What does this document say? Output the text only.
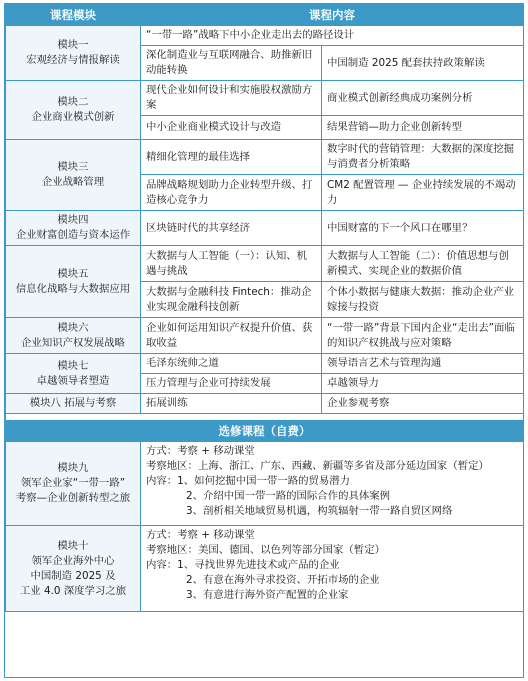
课程模块	课程内容	

模块一
宏观经济与情报解读	“一带一路”战略下中小企业走出去的路径设计	
	深化制造业与互联网融合、助推新旧动能转换	中国制造 2025 配套扶持政策解读

模块二
企业商业模式创新	现代企业如何设计和实施股权激励方案	商业模式创新经典成功案例分析
	中小企业商业模式设计与改造	结果营销—助力企业创新转型

模块三
企业战略管理	精细化管理的最佳选择	数字时代的营销管理：大数据的深度挖掘与消费者分析策略
	品牌战略规划助力企业转型升级、打造核心竞争力	CM2 配置管理 — 企业持续发展的不竭动力

模块四
企业财富创造与资本运作	区块链时代的共享经济	中国财富的下一个风口在哪里？

模块五
信息化战略与大数据应用	大数据与人工智能（一）：认知、机遇与挑战	大数据与人工智能（二）：价值思想与创新模式、实现企业的数据价值
	大数据与金融科技 Fintech：推动企业实现金融科技创新	个体小数据与健康大数据：推动企业产业嫁接与投资

模块六
企业知识产权发展战略	企业如何运用知识产权提升价值、获取收益	“一带一路”背景下国内企业“走出去”面临的知识产权挑战与应对策略

模块七
卓越领导者塑造	毛泽东统帅之道	领导语言艺术与管理沟通
	压力管理与企业可持续发展	卓越领导力

模块八 拓展与考察	拓展训练	企业参观考察

选修课程（自费）		

模块九
领军企业家“一带一路”
考察—企业创新转型之旅	方式：考察 + 移动课堂
考察地区：上海、浙江、广东、西藏、新疆等多省及部分延边国家（暂定）
内容：1、如何挖掘中国一带一路的贸易潜力
2、介绍中国一带一路的国际合作的具体案例
3、剖析相关地域贸易机遇，构筑辐射一带一路自贸区网络	

模块十
领军企业海外中心
中国制造 2025 及
工业 4.0 深度学习之旅	方式：考察 + 移动课堂
考察地区：美国、德国、以色列等部分国家（暂定）
内容：1、寻找世界先进技术或产品的企业
2、有意在海外寻求投资、开拓市场的企业
3、有意进行海外资产配置的企业家	
